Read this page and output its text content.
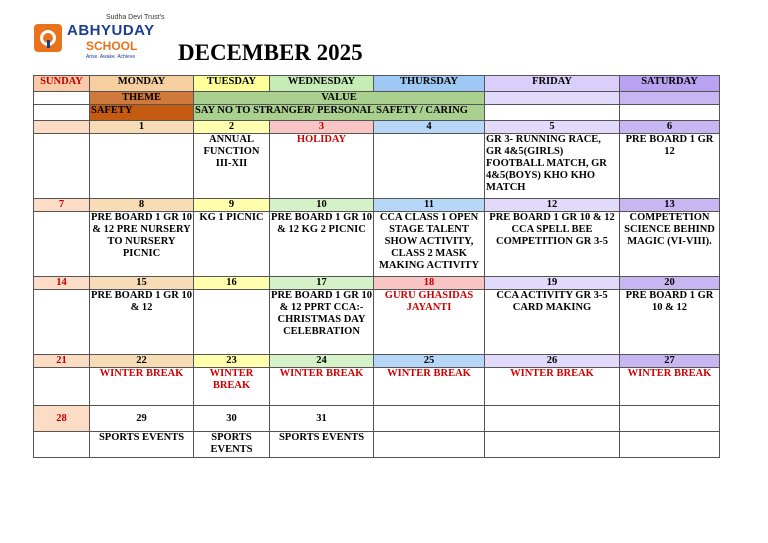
Sudha Devi Trust's
ABHYUDAY
SCHOOL
Arise. Awake. Achieve DECEMBER 2025
SUNDAY	MONDAY	TUESDAY	WEDNESDAY	THURSDAY	FRIDAY	SATURDAY
	THEME	VALUE				
	SAFETY	SAY NO TO STRANGER/ PERSONAL SAFETY / CARING				
	1	2	3	4	5	6
		ANNUAL FUNCTION III-XII	HOLIDAY		GR 3- RUNNING RACE, GR 4&5(GIRLS) FOOTBALL MATCH, GR 4&5(BOYS) KHO KHO MATCH	PRE BOARD 1 GR 12
7	8	9	10	11	12	13
	PRE BOARD 1 GR 10 & 12 PRE NURSERY TO NURSERY PICNIC	KG 1 PICNIC	PRE BOARD 1 GR 10 & 12 KG 2 PICNIC	CCA CLASS 1 OPEN STAGE TALENT SHOW ACTIVITY, CLASS 2 MASK MAKING ACTIVITY	PRE BOARD 1 GR 10 & 12 CCA SPELL BEE COMPETITION GR 3-5	COMPETETION SCIENCE BEHIND MAGIC (VI-VIII).
14	15	16	17	18	19	20
	PRE BOARD 1 GR 10 & 12		PRE BOARD 1 GR 10 & 12 PPRT CCA:- CHRISTMAS DAY CELEBRATION	GURU GHASIDAS JAYANTI	CCA ACTIVITY GR 3-5 CARD MAKING	PRE BOARD 1 GR 10 & 12
21	22	23	24	25	26	27
	WINTER BREAK	WINTER BREAK	WINTER BREAK	WINTER BREAK	WINTER BREAK	WINTER BREAK
28	29	30	31			
	SPORTS EVENTS	SPORTS EVENTS	SPORTS EVENTS			
